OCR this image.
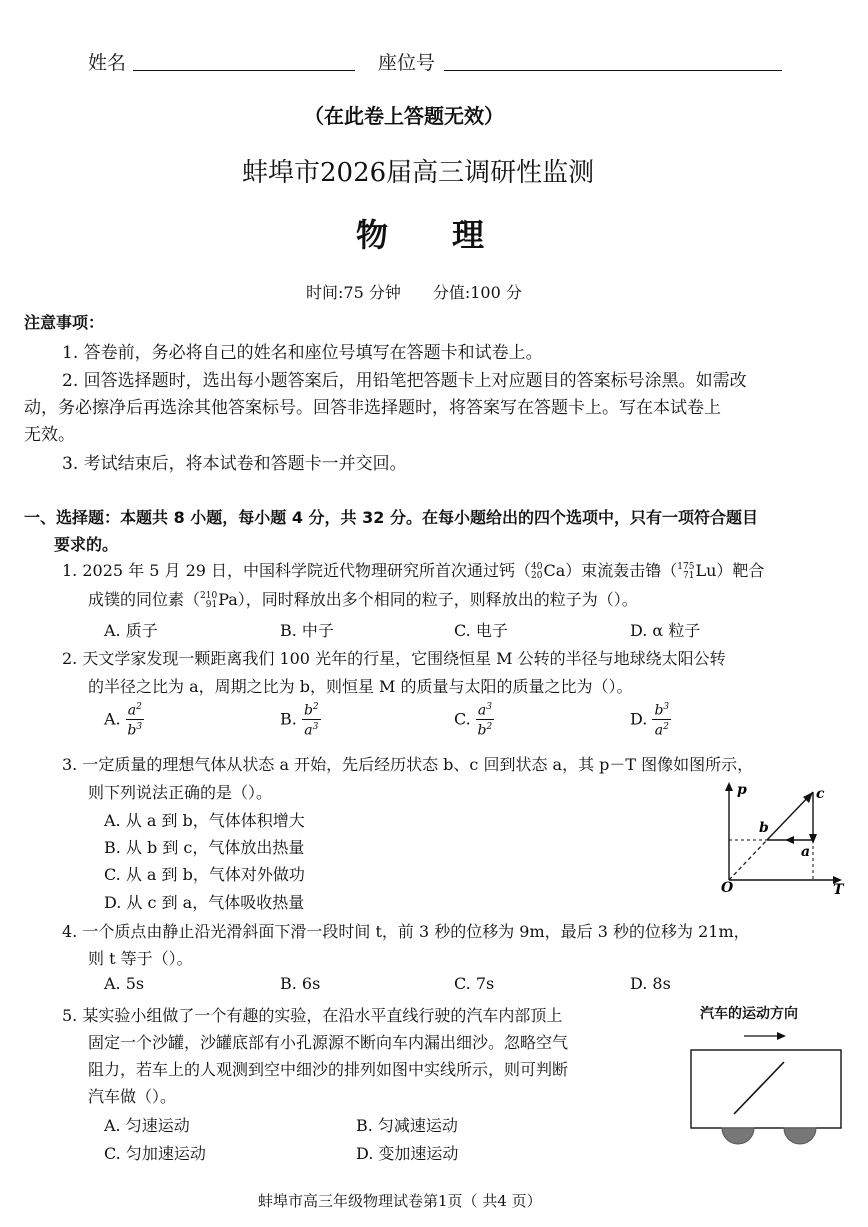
姓名	座位号
（在此卷上答题无效）
蚌埠市2026届高三调研性监测
物　　理
时间:75 分钟　　分值:100 分
注意事项：
1. 答卷前，务必将自己的姓名和座位号填写在答题卡和试卷上。
2. 回答选择题时，选出每小题答案后，用铅笔把答题卡上对应题目的答案标号涂黑。如需改
动，务必擦净后再选涂其他答案标号。回答非选择题时，将答案写在答题卡上。写在本试卷上
无效。
3. 考试结束后，将本试卷和答题卡一并交回。
一、选择题：本题共 8 小题，每小题 4 分，共 32 分。在每小题给出的四个选项中，只有一项符合题目
要求的。
1. 2025 年 5 月 29 日，中国科学院近代物理研究所首次通过钙（ 40
20 Ca）束流轰击镥（ 175
71 Lu）靶合
成镤的同位素（ 210
91 Pa），同时释放出多个相同的粒子，则释放出的粒子为（）。
A. 质子	B. 中子	C. 电子	D. α 粒子
2. 天文学家发现一颗距离我们 100 光年的行星，它围绕恒星 M 公转的半径与地球绕太阳公转
的半径之比为 a，周期之比为 b，则恒星 M 的质量与太阳的质量之比为（）。
A. $\frac{a^2}{b^3}$	B. $\frac{b^2}{a^3}$	C. $\frac{a^3}{b^2}$	D. $\frac{b^3}{a^2}$
3. 一定质量的理想气体从状态 a 开始，先后经历状态 b、c 回到状态 a，其 p－T 图像如图所示，
则下列说法正确的是（）。
A. 从 a 到 b，气体体积增大
B. 从 b 到 c，气体放出热量
C. 从 a 到 b，气体对外做功
D. 从 c 到 a，气体吸收热量
p
T
O
c
b
a
4. 一个质点由静止沿光滑斜面下滑一段时间 t，前 3 秒的位移为 9m，最后 3 秒的位移为 21m，
则 t 等于（）。
A. 5s	B. 6s	C. 7s	D. 8s
5. 某实验小组做了一个有趣的实验，在沿水平直线行驶的汽车内部顶上
固定一个沙罐，沙罐底部有小孔源源不断向车内漏出细沙。忽略空气
阻力，若车上的人观测到空中细沙的排列如图中实线所示，则可判断
汽车做（）。
A. 匀速运动	B. 匀减速运动
C. 匀加速运动	D. 变加速运动
汽车的运动方向
蚌埠市高三年级物理试卷第1页（ 共4 页）
